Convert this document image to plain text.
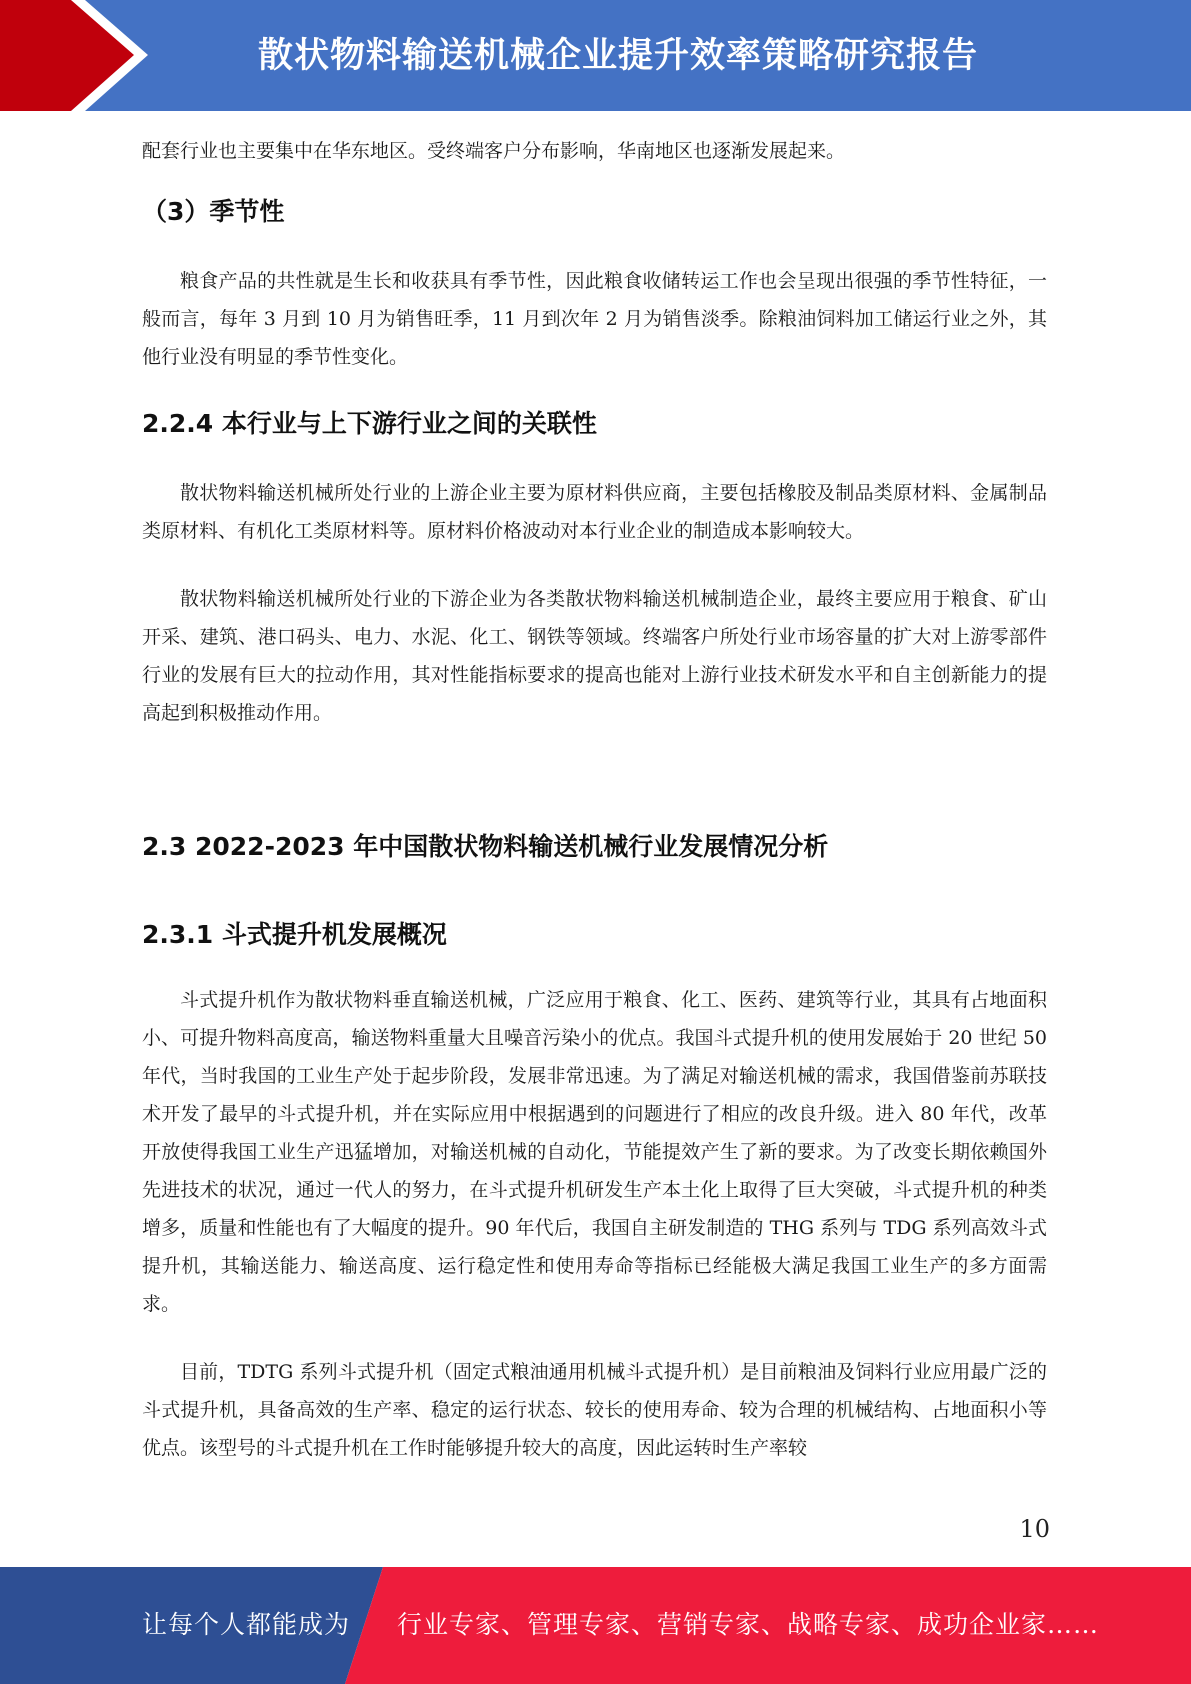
散状物料输送机械企业提升效率策略研究报告

配套行业也主要集中在华东地区。受终端客户分布影响，华南地区也逐渐发展起来。

（3）季节性

粮食产品的共性就是生长和收获具有季节性，因此粮食收储转运工作也会呈现出很强的季节性特征，一般而言，每年 3 月到 10 月为销售旺季，11 月到次年 2 月为销售淡季。除粮油饲料加工储运行业之外，其他行业没有明显的季节性变化。

2.2.4 本行业与上下游行业之间的关联性

散状物料输送机械所处行业的上游企业主要为原材料供应商，主要包括橡胶及制品类原材料、金属制品类原材料、有机化工类原材料等。原材料价格波动对本行业企业的制造成本影响较大。

散状物料输送机械所处行业的下游企业为各类散状物料输送机械制造企业，最终主要应用于粮食、矿山开采、建筑、港口码头、电力、水泥、化工、钢铁等领域。终端客户所处行业市场容量的扩大对上游零部件行业的发展有巨大的拉动作用，其对性能指标要求的提高也能对上游行业技术研发水平和自主创新能力的提高起到积极推动作用。

2.3 2022-2023 年中国散状物料输送机械行业发展情况分析
2.3.1 斗式提升机发展概况

斗式提升机作为散状物料垂直输送机械，广泛应用于粮食、化工、医药、建筑等行业，其具有占地面积小、可提升物料高度高，输送物料重量大且噪音污染小的优点。我国斗式提升机的使用发展始于 20 世纪 50 年代，当时我国的工业生产处于起步阶段，发展非常迅速。为了满足对输送机械的需求，我国借鉴前苏联技术开发了最早的斗式提升机，并在实际应用中根据遇到的问题进行了相应的改良升级。进入 80 年代，改革开放使得我国工业生产迅猛增加，对输送机械的自动化，节能提效产生了新的要求。为了改变长期依赖国外先进技术的状况，通过一代人的努力，在斗式提升机研发生产本土化上取得了巨大突破，斗式提升机的种类增多，质量和性能也有了大幅度的提升。90 年代后，我国自主研发制造的 THG 系列与 TDG 系列高效斗式提升机，其输送能力、输送高度、运行稳定性和使用寿命等指标已经能极大满足我国工业生产的多方面需求。

目前，TDTG 系列斗式提升机（固定式粮油通用机械斗式提升机）是目前粮油及饲料行业应用最广泛的斗式提升机，具备高效的生产率、稳定的运行状态、较长的使用寿命、较为合理的机械结构、占地面积小等优点。该型号的斗式提升机在工作时能够提升较大的高度，因此运转时生产率较

10
让每个人都能成为 行业专家、管理专家、营销专家、战略专家、成功企业家……
